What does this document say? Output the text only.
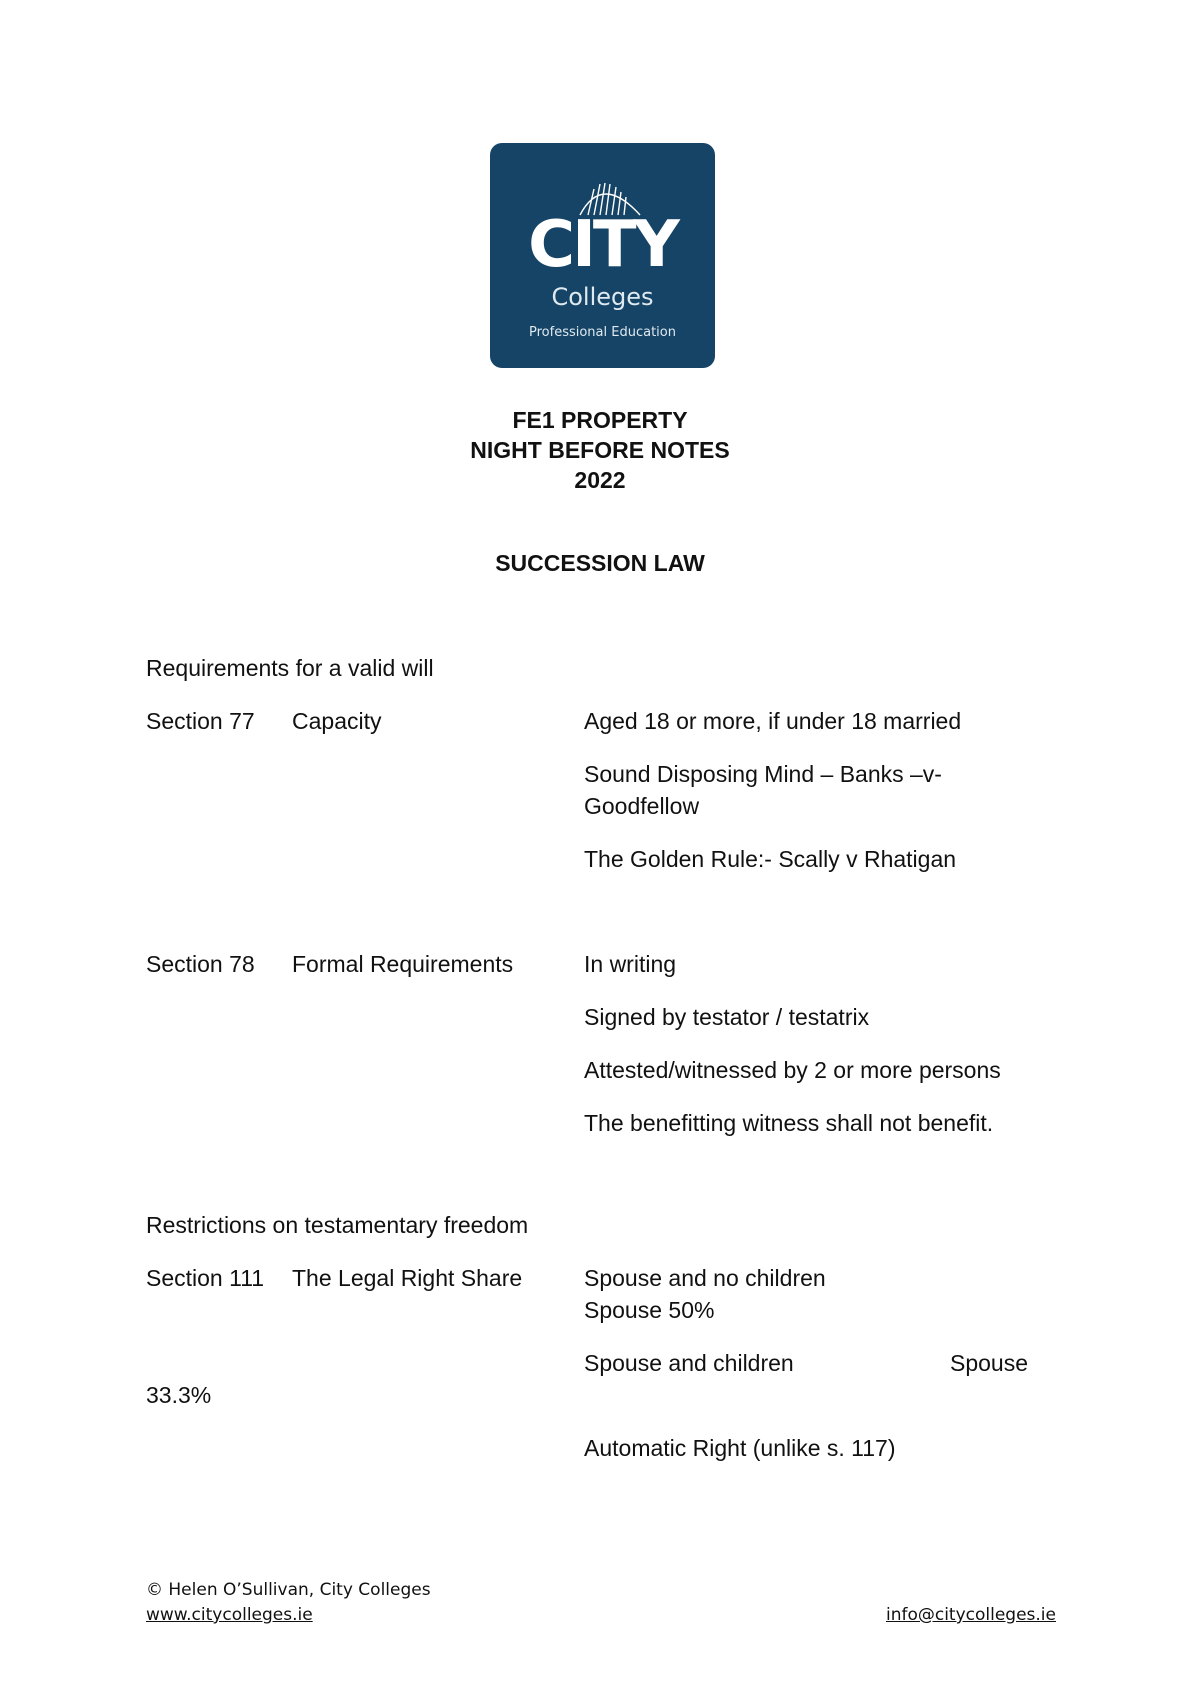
CITY
Colleges
Professional Education
FE1 PROPERTY
NIGHT BEFORE NOTES
2022
SUCCESSION LAW
Requirements for a valid will
Section 77 Capacity	Aged 18 or more, if under 18 married
Sound Disposing Mind – Banks –v-
Goodfellow
The Golden Rule:- Scally v Rhatigan
Section 78 Formal Requirements	In writing
Signed by testator / testatrix
Attested/witnessed by 2 or more persons
The benefitting witness shall not benefit.
Restrictions on testamentary freedom
Section 111 The Legal Right Share	Spouse and no children
Spouse 50%
Spouse and children	Spouse
33.3%
Automatic Right (unlike s. 117)
© Helen O’Sullivan, City Colleges
www.citycolleges.ie	info@citycolleges.ie
